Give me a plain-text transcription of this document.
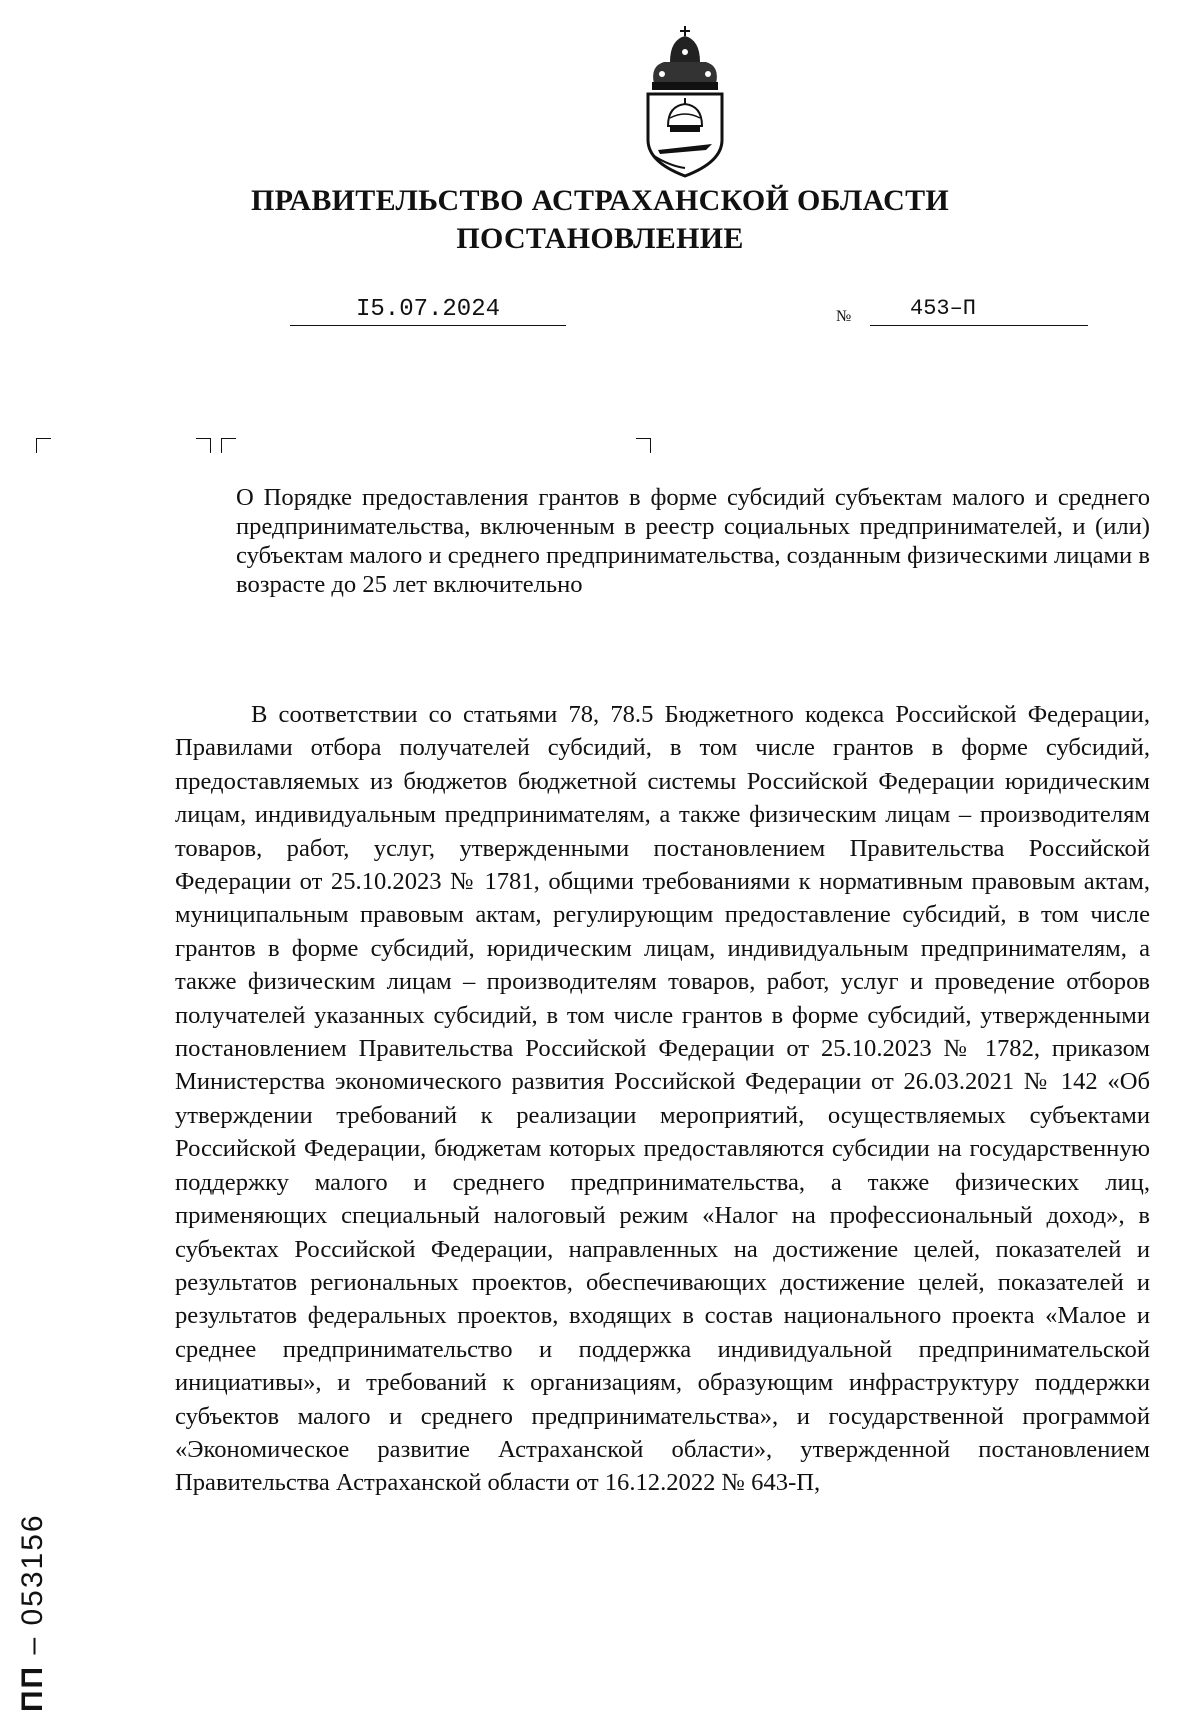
ПРАВИТЕЛЬСТВО АСТРАХАНСКОЙ ОБЛАСТИ
ПОСТАНОВЛЕНИЕ
I5.07.2024	№	453–П
О Порядке предоставления грантов в форме субсидий субъектам малого и среднего предпринимательства, включенным в реестр социальных предпринимателей, и (или) субъектам малого и среднего предпринимательства, созданным физическими лицами в возрасте до 25 лет включительно

В соответствии со статьями 78, 78.5 Бюджетного кодекса Российской Федерации, Правилами отбора получателей субсидий, в том числе грантов в форме субсидий, предоставляемых из бюджетов бюджетной системы Российской Федерации юридическим лицам, индивидуальным предпринимателям, а также физическим лицам – производителям товаров, работ, услуг, утвержденными постановлением Правительства Российской Федерации от 25.10.2023 № 1781, общими требованиями к нормативным правовым актам, муниципальным правовым актам, регулирующим предоставление субсидий, в том числе грантов в форме субсидий, юридическим лицам, индивидуальным предпринимателям, а также физическим лицам – производителям товаров, работ, услуг и проведение отборов получателей указанных субсидий, в том числе грантов в форме субсидий, утвержденными постановлением Правительства Российской Федерации от 25.10.2023 № 1782, приказом Министерства экономического развития Российской Федерации от 26.03.2021 № 142 «Об утверждении требований к реализации мероприятий, осуществляемых субъектами Российской Федерации, бюджетам которых предоставляются субсидии на государственную поддержку малого и среднего предпринимательства, а также физических лиц, применяющих специальный налоговый режим «Налог на профессиональный доход», в субъектах Российской Федерации, направленных на достижение целей, показателей и результатов региональных проектов, обеспечивающих достижение целей, показателей и результатов федеральных проектов, входящих в состав национального проекта «Малое и среднее предпринимательство и поддержка индивидуальной предпринимательской инициативы», и требований к организациям, образующим инфраструктуру поддержки субъектов малого и среднего предпринимательства», и государственной программой «Экономическое развитие Астраханской области», утвержденной постановлением Правительства Астраханской области от 16.12.2022 № 643-П,

ПП – 053156
